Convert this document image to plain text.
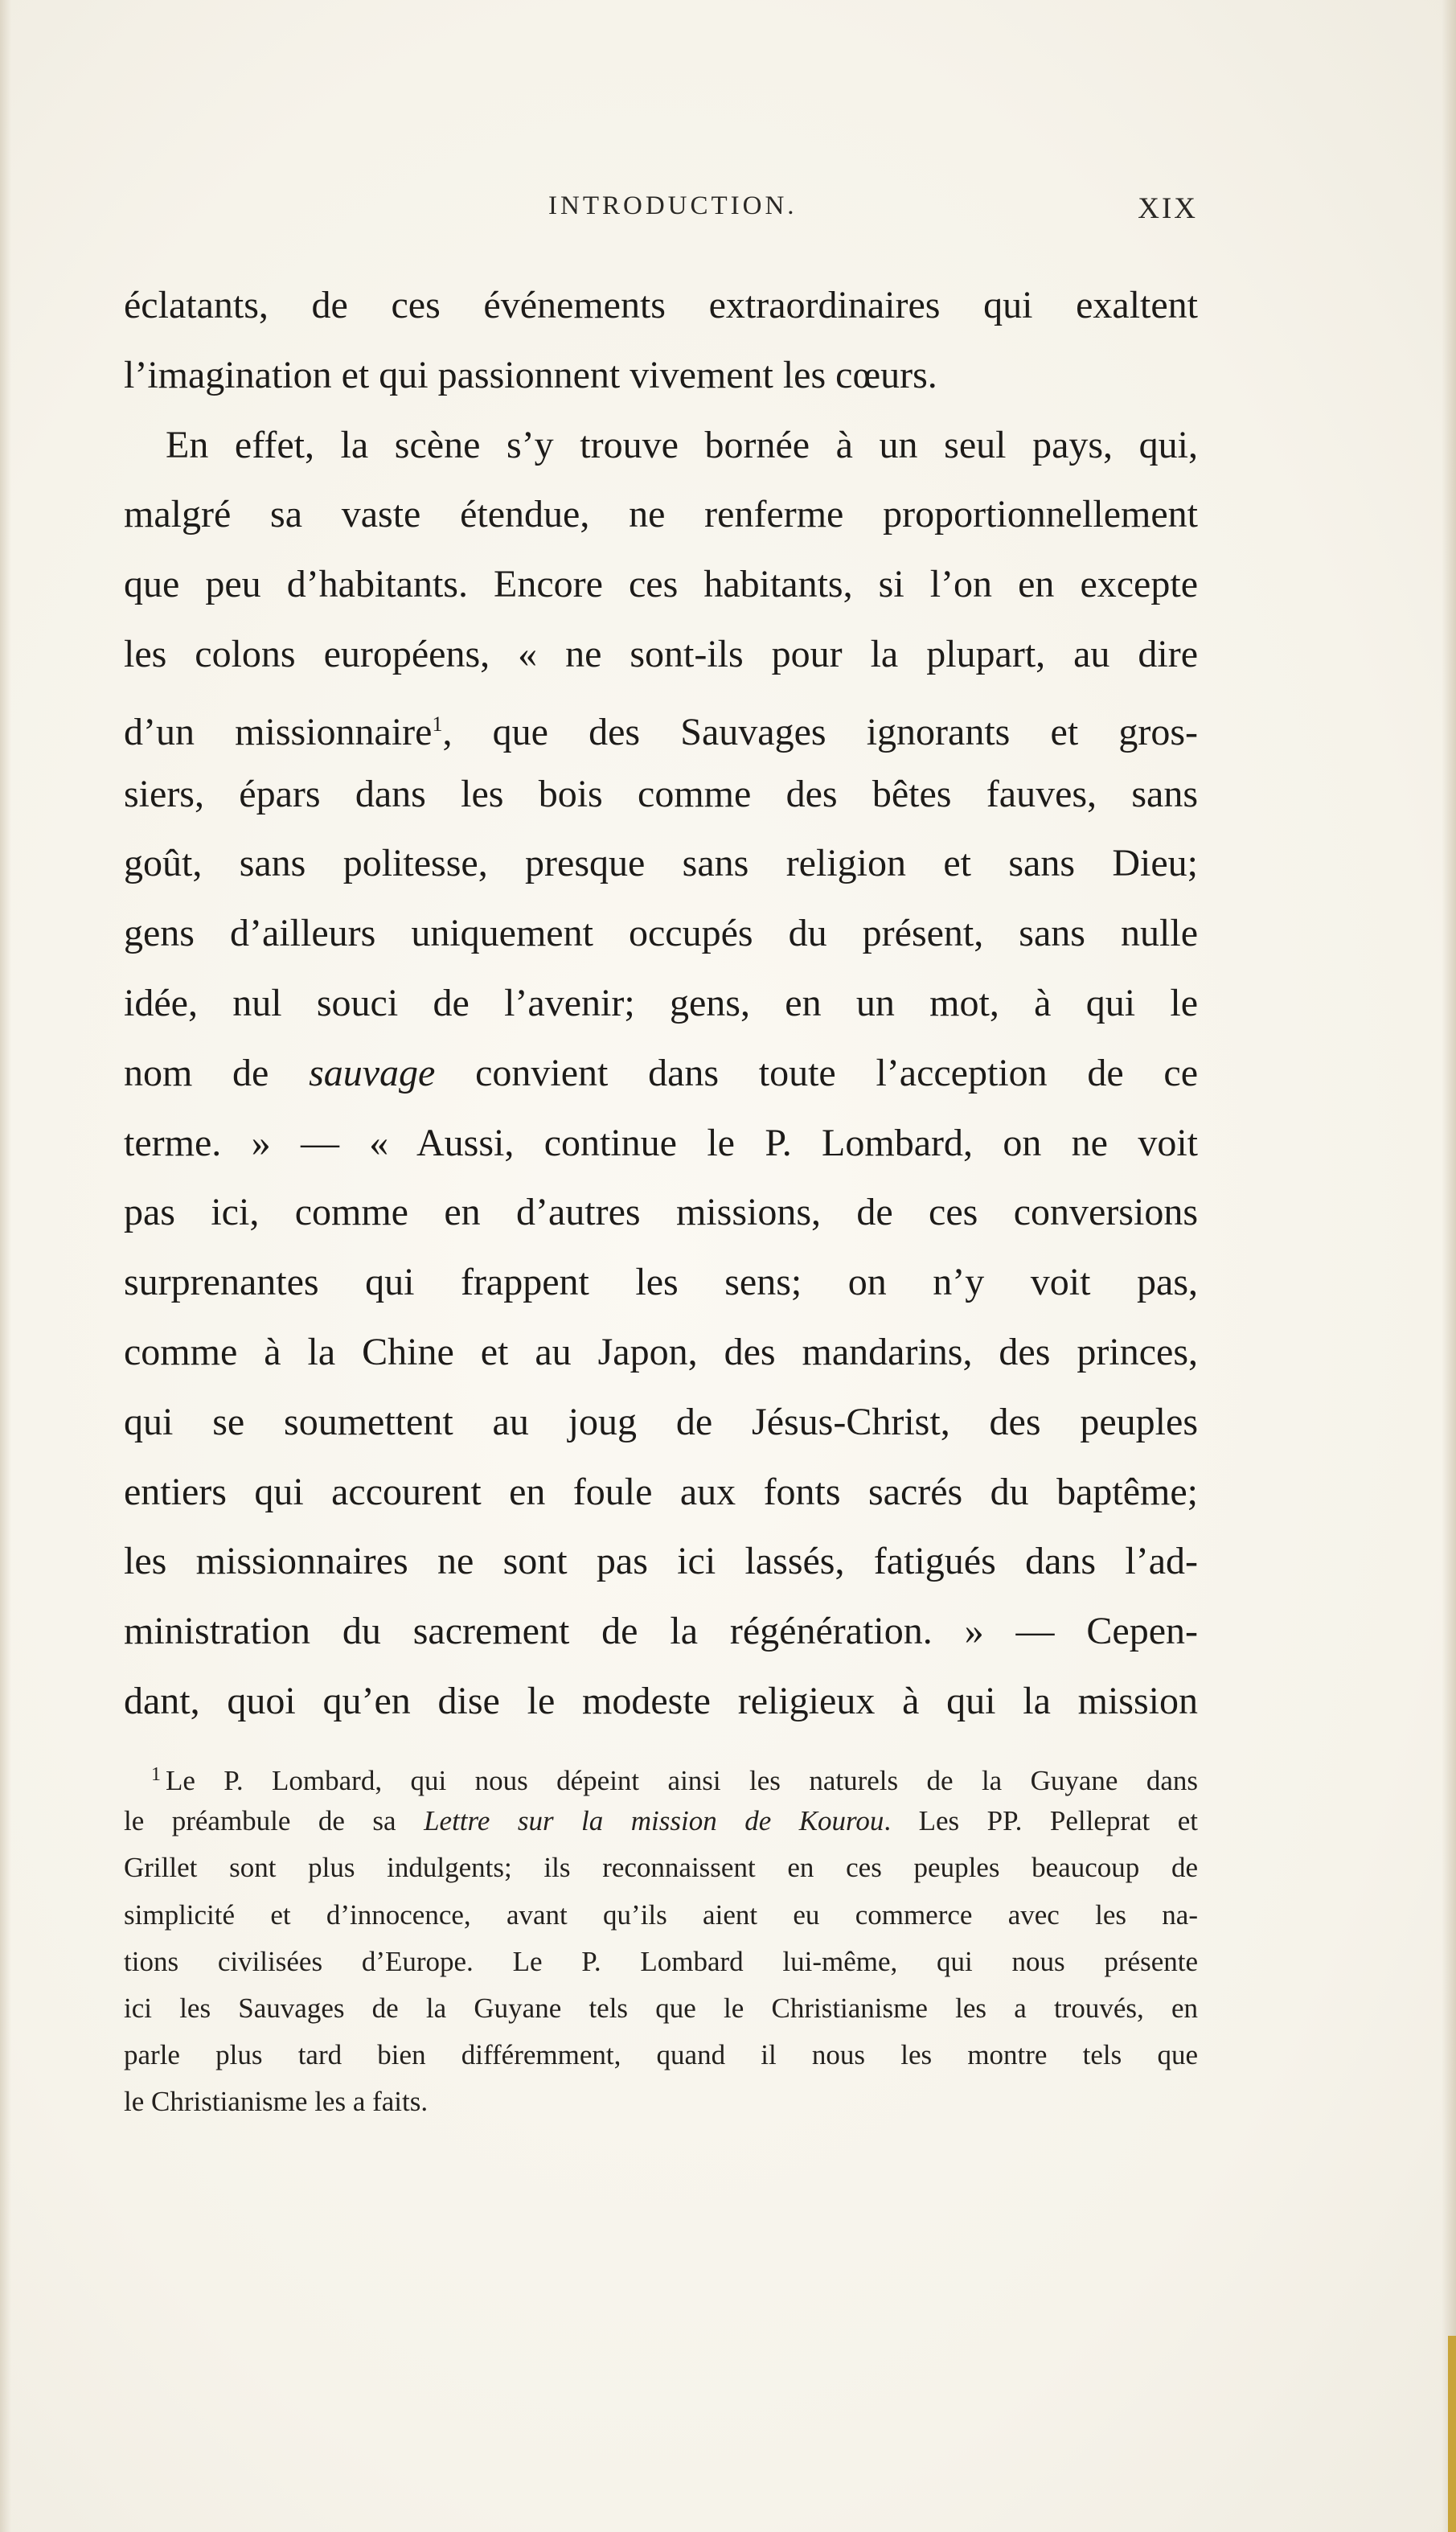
INTRODUCTION.	XIX
éclatants, de ces événements extraordinaires qui exaltent
l’imagination et qui passionnent vivement les cœurs.
En effet, la scène s’y trouve bornée à un seul pays, qui,
malgré sa vaste étendue, ne renferme proportionnellement
que peu d’habitants. Encore ces habitants, si l’on en excepte
les colons européens, « ne sont-ils pour la plupart, au dire
d’un missionnaire$^1$, que des Sauvages ignorants et gros-
siers, épars dans les bois comme des bêtes fauves, sans
goût, sans politesse, presque sans religion et sans Dieu;
gens d’ailleurs uniquement occupés du présent, sans nulle
idée, nul souci de l’avenir; gens, en un mot, à qui le
nom de sauvage convient dans toute l’acception de ce
terme. » — « Aussi, continue le P. Lombard, on ne voit
pas ici, comme en d’autres missions, de ces conversions
surprenantes qui frappent les sens; on n’y voit pas,
comme à la Chine et au Japon, des mandarins, des princes,
qui se soumettent au joug de Jésus-Christ, des peuples
entiers qui accourent en foule aux fonts sacrés du baptême;
les missionnaires ne sont pas ici lassés, fatigués dans l’ad-
ministration du sacrement de la régénération. » — Cepen-
dant, quoi qu’en dise le modeste religieux à qui la mission
$^1$ Le P. Lombard, qui nous dépeint ainsi les naturels de la Guyane dans
le préambule de sa Lettre sur la mission de Kourou. Les PP. Pelleprat et
Grillet sont plus indulgents; ils reconnaissent en ces peuples beaucoup de
simplicité et d’innocence, avant qu’ils aient eu commerce avec les na-
tions civilisées d’Europe. Le P. Lombard lui-même, qui nous présente
ici les Sauvages de la Guyane tels que le Christianisme les a trouvés, en
parle plus tard bien différemment, quand il nous les montre tels que
le Christianisme les a faits.
